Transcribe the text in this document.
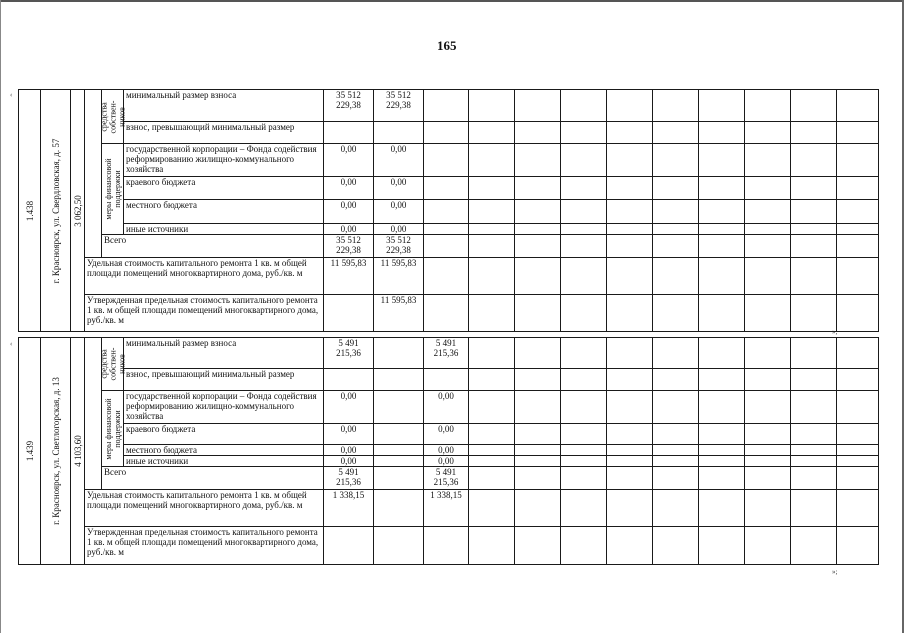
165
‹
‹
»;
»;
1.438	г. Красноярск, ул. Свердловская, д. 57	3 062,50		средства собствен-ников	минимальный размер взноса	35 512 229,38	35 512 229,38										
					взнос, превышающий минимальный размер												

				меры финансовой поддержки	государственной корпорации – Фонда содействия реформированию жилищно-коммунального хозяйства	0,00	0,00										
					краевого бюджета	0,00	0,00										
					местного бюджета	0,00	0,00										
					иные источники	0,00	0,00										
				Всего		35 512 229,38	35 512 229,38										
			Удельная стоимость капитального ремонта 1 кв. м общей площади помещений многоквартирного дома, руб./кв. м			11 595,83	11 595,83										
			Утвержденная предельная стоимость капитального ремонта 1 кв. м общей площади помещений многоквартирного дома, руб./кв. м				11 595,83										
1.439	г. Красноярск, ул. Светлогорская, д. 13	4 103,60		средства собствен-ников	минимальный размер взноса	5 491 215,36		5 491 215,36									
					взнос, превышающий минимальный размер												

				меры финансовой поддержки	государственной корпорации – Фонда содействия реформированию жилищно-коммунального хозяйства	0,00		0,00									
					краевого бюджета	0,00		0,00									
					местного бюджета	0,00		0,00									
					иные источники	0,00		0,00									
				Всего		5 491 215,36		5 491 215,36									
			Удельная стоимость капитального ремонта 1 кв. м общей площади помещений многоквартирного дома, руб./кв. м			1 338,15		1 338,15									
			Утвержденная предельная стоимость капитального ремонта 1 кв. м общей площади помещений многоквартирного дома, руб./кв. м														
